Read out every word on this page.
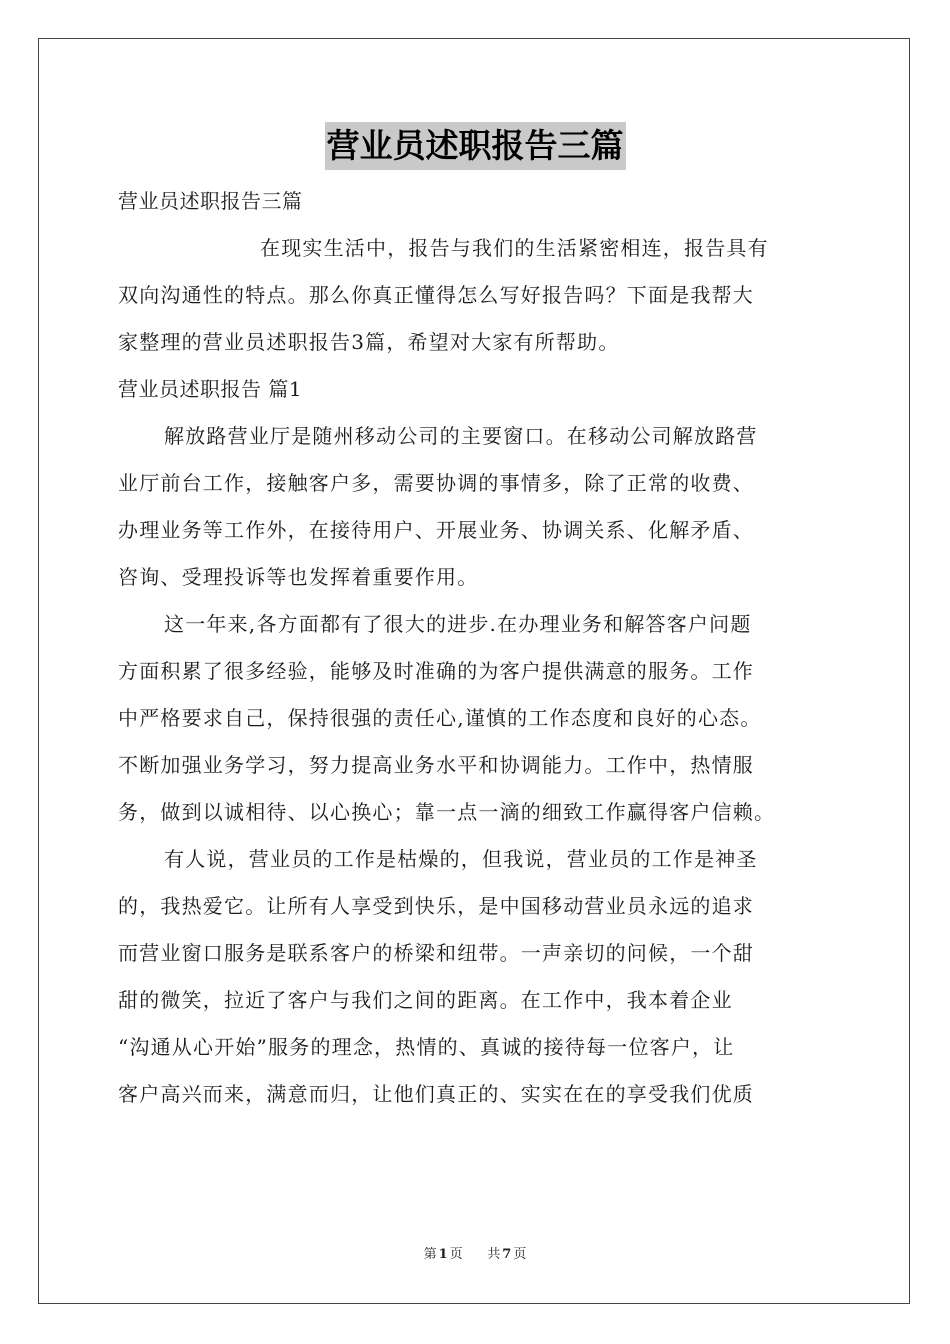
营业员述职报告三篇
营业员述职报告三篇
在现实生活中，报告与我们的生活紧密相连，报告具有
双向沟通性的特点。那么你真正懂得怎么写好报告吗？下面是我帮大
家整理的营业员述职报告3篇，希望对大家有所帮助。
营业员述职报告 篇1
解放路营业厅是随州移动公司的主要窗口。在移动公司解放路营
业厅前台工作，接触客户多，需要协调的事情多，除了正常的收费、
办理业务等工作外，在接待用户、开展业务、协调关系、化解矛盾、
咨询、受理投诉等也发挥着重要作用。
这一年来,各方面都有了很大的进步.在办理业务和解答客户问题
方面积累了很多经验，能够及时准确的为客户提供满意的服务。工作
中严格要求自己，保持很强的责任心,谨慎的工作态度和良好的心态。
不断加强业务学习，努力提高业务水平和协调能力。工作中，热情服
务，做到以诚相待、以心换心；靠一点一滴的细致工作赢得客户信赖。
有人说，营业员的工作是枯燥的，但我说，营业员的工作是神圣
的，我热爱它。让所有人享受到快乐，是中国移动营业员永远的追求
而营业窗口服务是联系客户的桥梁和纽带。一声亲切的问候，一个甜
甜的微笑，拉近了客户与我们之间的距离。在工作中，我本着企业
“沟通从心开始”服务的理念，热情的、真诚的接待每一位客户，让
客户高兴而来，满意而归，让他们真正的、实实在在的享受我们优质
第 1 页 共 7 页
